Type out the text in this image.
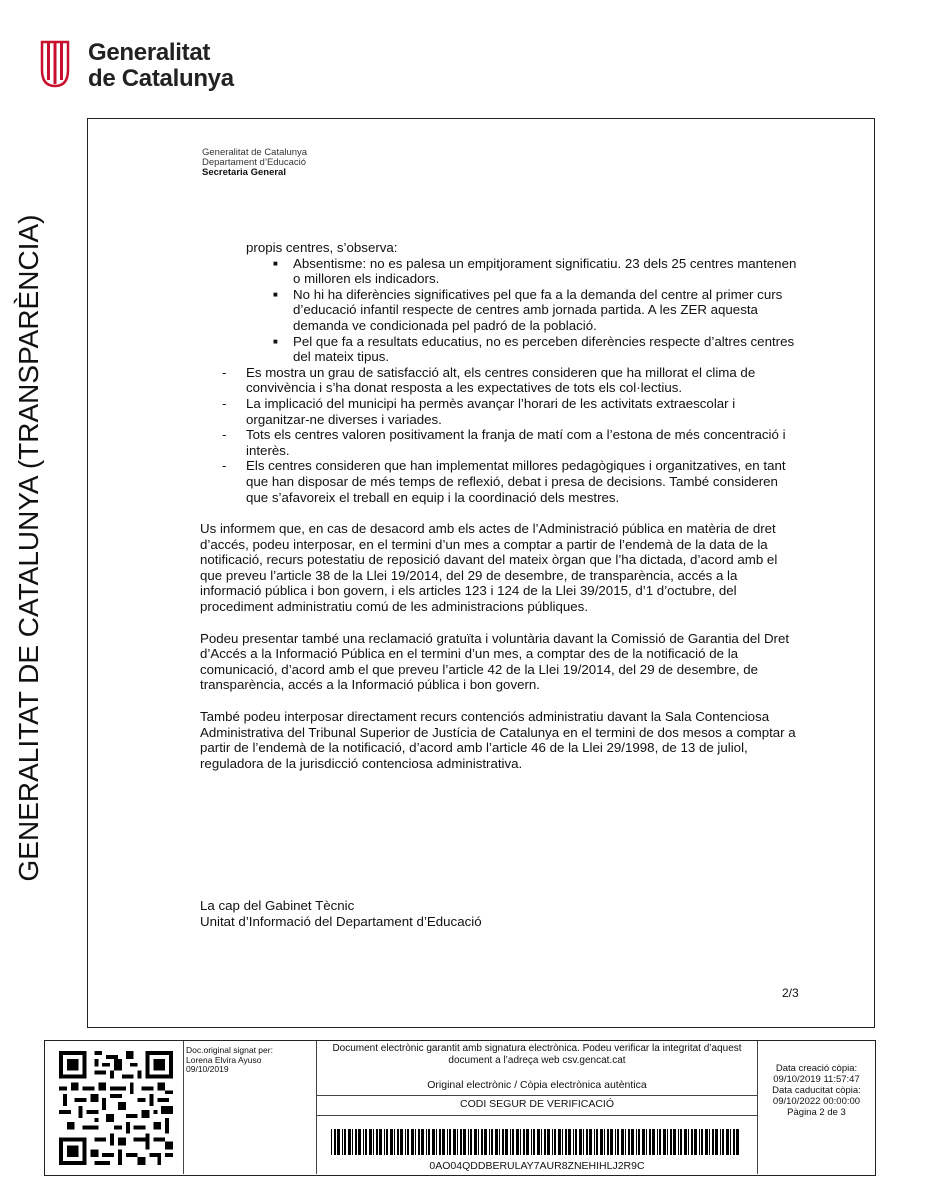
Generalitat
de Catalunya
GENERALITAT DE CATALUNYA (TRANSPARÈNCIA)
Generalitat de Catalunya
Departament d’Educació
Secretaria General

propis centres, s’observa:

■ Absentisme: no es palesa un empitjorament significatiu. 23 dels 25 centres mantenen o milloren els indicadors.

■ No hi ha diferències significatives pel que fa a la demanda del centre al primer curs d’educació infantil respecte de centres amb jornada partida. A les ZER aquesta demanda ve condicionada pel padró de la població.

■ Pel que fa a resultats educatius, no es perceben diferències respecte d’altres centres del mateix tipus.

- Es mostra un grau de satisfacció alt, els centres consideren que ha millorat el clima de convivència i s’ha donat resposta a les expectatives de tots els col·lectius.

- La implicació del municipi ha permès avançar l’horari de les activitats extraescolar i organitzar-ne diverses i variades.

- Tots els centres valoren positivament la franja de matí com a l’estona de més concentració i interès.

- Els centres consideren que han implementat millores pedagògiques i organitzatives, en tant que han disposar de més temps de reflexió, debat i presa de decisions. També consideren que s’afavoreix el treball en equip i la coordinació dels mestres.

Us informem que, en cas de desacord amb els actes de l’Administració pública en matèria de dret d’accés, podeu interposar, en el termini d’un mes a comptar a partir de l’endemà de la data de la notificació, recurs potestatiu de reposició davant del mateix òrgan que l’ha dictada, d’acord amb el que preveu l’article 38 de la Llei 19/2014, del 29 de desembre, de transparència, accés a la informació pública i bon govern, i els articles 123 i 124 de la Llei 39/2015, d’1 d’octubre, del procediment administratiu comú de les administracions públiques.

Podeu presentar també una reclamació gratuïta i voluntària davant la Comissió de Garantia del Dret d’Accés a la Informació Pública en el termini d’un mes, a comptar des de la notificació de la comunicació, d’acord amb el que preveu l’article 42 de la Llei 19/2014, del 29 de desembre, de transparència, accés a la Informació pública i bon govern.

També podeu interposar directament recurs contenciós administratiu davant la Sala Contenciosa Administrativa del Tribunal Superior de Justícia de Catalunya en el termini de dos mesos a comptar a partir de l’endemà de la notificació, d’acord amb l’article 46 de la Llei 29/1998, de 13 de juliol, reguladora de la jurisdicció contenciosa administrativa.

La cap del Gabinet Tècnic
Unitat d’Informació del Departament d’Educació
2/3
Doc.original signat per:
Lorena Elvira Ayuso
09/10/2019
Document electrònic garantit amb signatura electrònica. Podeu verificar la integritat d’aquest document a l’adreça web csv.gencat.cat
Original electrònic / Còpia electrònica autèntica
CODI SEGUR DE VERIFICACIÓ
0AO04QDDBERULAY7AUR8ZNEHIHLJ2R9C
Data creació còpia:
09/10/2019 11:57:47
Data caducitat còpia:
09/10/2022 00:00:00
Pàgina 2 de 3
